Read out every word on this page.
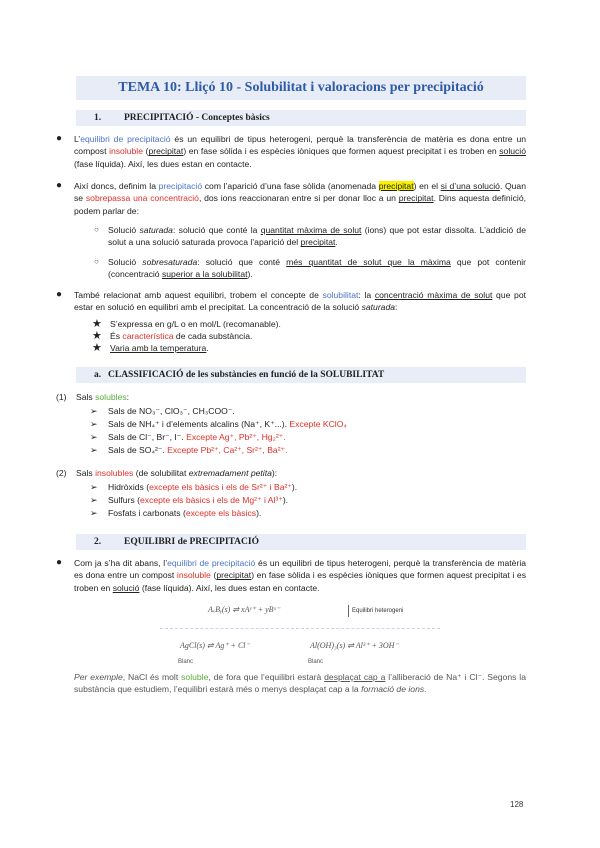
TEMA 10: Lliçó 10 - Solubilitat i valoracions per precipitació
1. PRECIPITACIÓ - Conceptes bàsics
● L’equilibri de precipitació és un equilibri de tipus heterogeni, perquè la transferència de matèria es dona entre un compost insoluble (precipitat) en fase sòlida i es espècies iòniques que formen aquest precipitat i es troben en solució (fase líquida). Així, les dues estan en contacte.
● Així doncs, definim la precipitació com l’aparició d’una fase sòlida (anomenada precipitat) en el si d’una solució. Quan se sobrepassa una concentració, dos ions reaccionaran entre si per donar lloc a un precipitat. Dins aquesta definició, podem parlar de:
○ Solució saturada: solució que conté la quantitat màxima de solut (ions) que pot estar dissolta. L’addició de solut a una solució saturada provoca l’aparició del precipitat.
○ Solució sobresaturada: solució que conté més quantitat de solut que la màxima que pot contenir (concentració superior a la solubilitat).
● També relacionat amb aquest equilibri, trobem el concepte de solubilitat: la concentració màxima de solut que pot estar en solució en equilibri amb el precipitat. La concentració de la solució saturada:
★ S’expressa en g/L o en mol/L (recomanable).
★ És característica de cada substància.
★ Varia amb la temperatura.
a. CLASSIFICACIÓ de les substàncies en funció de la SOLUBILITAT
(1) Sals solubles:
➢ Sals de NO₃⁻, ClO₃⁻, CH₃COO⁻.
➢ Sals de NH₄⁺ i d’elements alcalins (Na⁺, K⁺...). Excepte KClO₄
➢ Sals de Cl⁻, Br⁻, I⁻. Excepte Ag⁺, Pb²⁺, Hg₂²⁺.
➢ Sals de SO₄²⁻. Excepte Pb²⁺, Ca²⁺, Sr²⁺, Ba²⁺.
(2) Sals insolubles (de solubilitat extremadament petita):
➢ Hidròxids (excepte els bàsics i els de Sr²⁺ i Ba²⁺).
➢ Sulfurs (excepte els bàsics i els de Mg²⁺ i Al³⁺).
➢ Fosfats i carbonats (excepte els bàsics).
2. EQUILIBRI de PRECIPITACIÓ
● Com ja s’ha dit abans, l’equilibri de precipitació és un equilibri de tipus heterogeni, perquè la transferència de matèria es dona entre un compost insoluble (precipitat) en fase sòlida i es espècies iòniques que formen aquest precipitat i es troben en solució (fase líquida). Així, les dues estan en contacte.
AₓBᵧ(s) ⇌ xAʸ⁺ + yBˣ⁻	Equilibri heterogeni
AgCl(s) ⇌ Ag⁺ + Cl⁻	Al(OH)₃(s) ⇌ Al³⁺ + 3OH⁻
Blanc	Blanc
Per exemple, NaCl és molt soluble, de fora que l’equilibri estarà desplaçat cap a l’alliberació de Na⁺ i Cl⁻. Segons la substància que estudiem, l’equilibri estarà més o menys desplaçat cap a la formació de ions.
128
